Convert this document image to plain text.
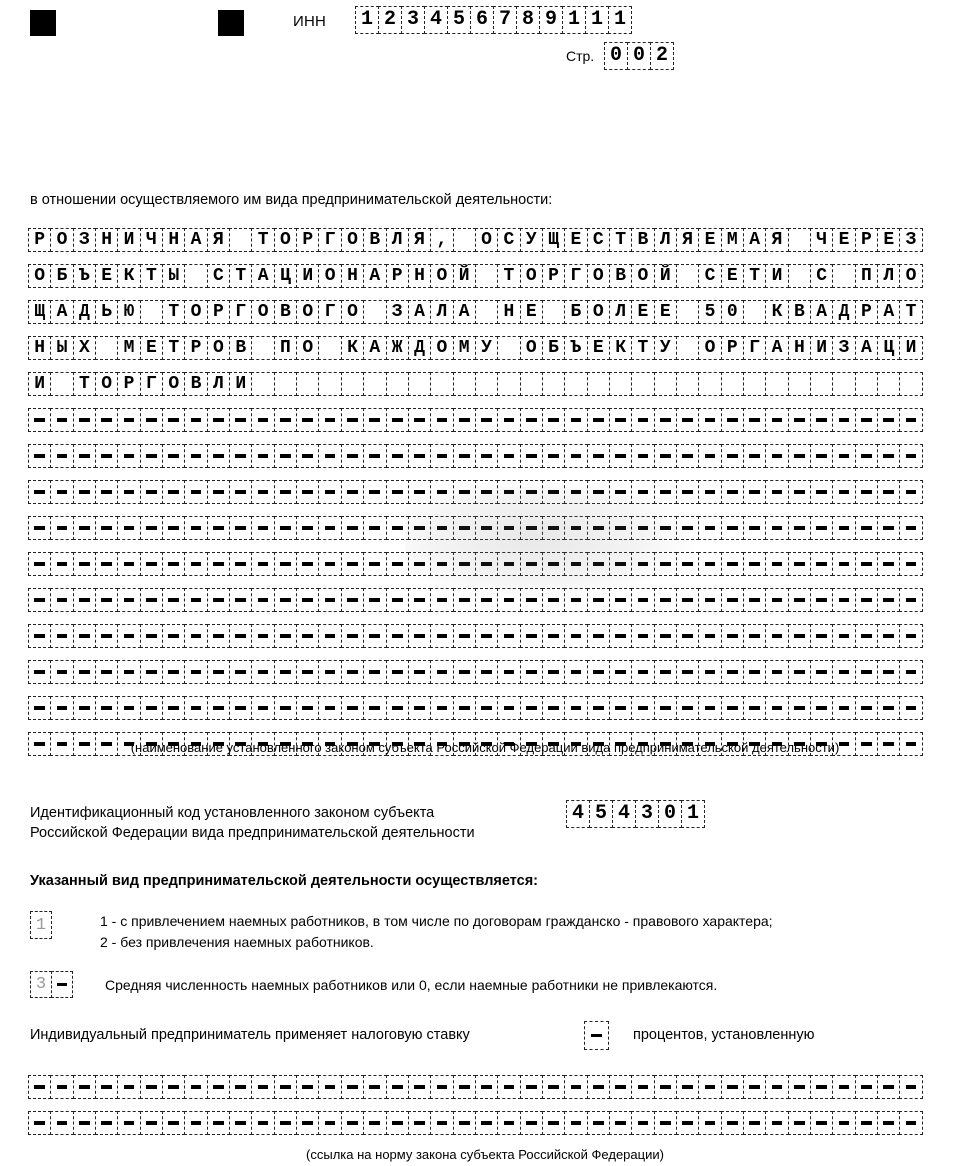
ИНН 1 2 3 4 5 6 7 8 9 1 1 1
Стр. 0 0 2
в отношении осуществляемого им вида предпринимательской деятельности:
Р О З Н И Ч Н А Я	Т О Р Г О В Л Я ,	О С У Щ Е С Т В Л Я Е М А Я	Ч Е Р Е З
О Б Ъ Е К Т Ы	С Т А Ц И О Н А Р Н О Й	Т О Р Г О В О Й	С Е Т И	С	П Л О
Щ А Д Ь Ю	Т О Р Г О В О Г О	З А Л А	Н Е	Б О Л Е Е	5 0	К В А Д Р А Т
Н Ы Х	М Е Т Р О В	П О	К А Ж Д О М У	О Б Ъ Е К Т У	О Р Г А Н И З А Ц И
И	Т О Р Г О В Л И
(наименование установленного законом субъекта Российской Федерации вида предпринимательской деятельности)
Идентификационный код установленного законом субъекта
Российской Федерации вида предпринимательской деятельности
4 5 4 3 0 1
Указанный вид предпринимательской деятельности осуществляется:
1	1 - с привлечением наемных работников, в том числе по договорам гражданско - правового характера;
2 - без привлечения наемных работников.
3	Средняя численность наемных работников или 0, если наемные работники не привлекаются.
Индивидуальный предприниматель применяет налоговую ставку	процентов, установленную
(ссылка на норму закона субъекта Российской Федерации)
